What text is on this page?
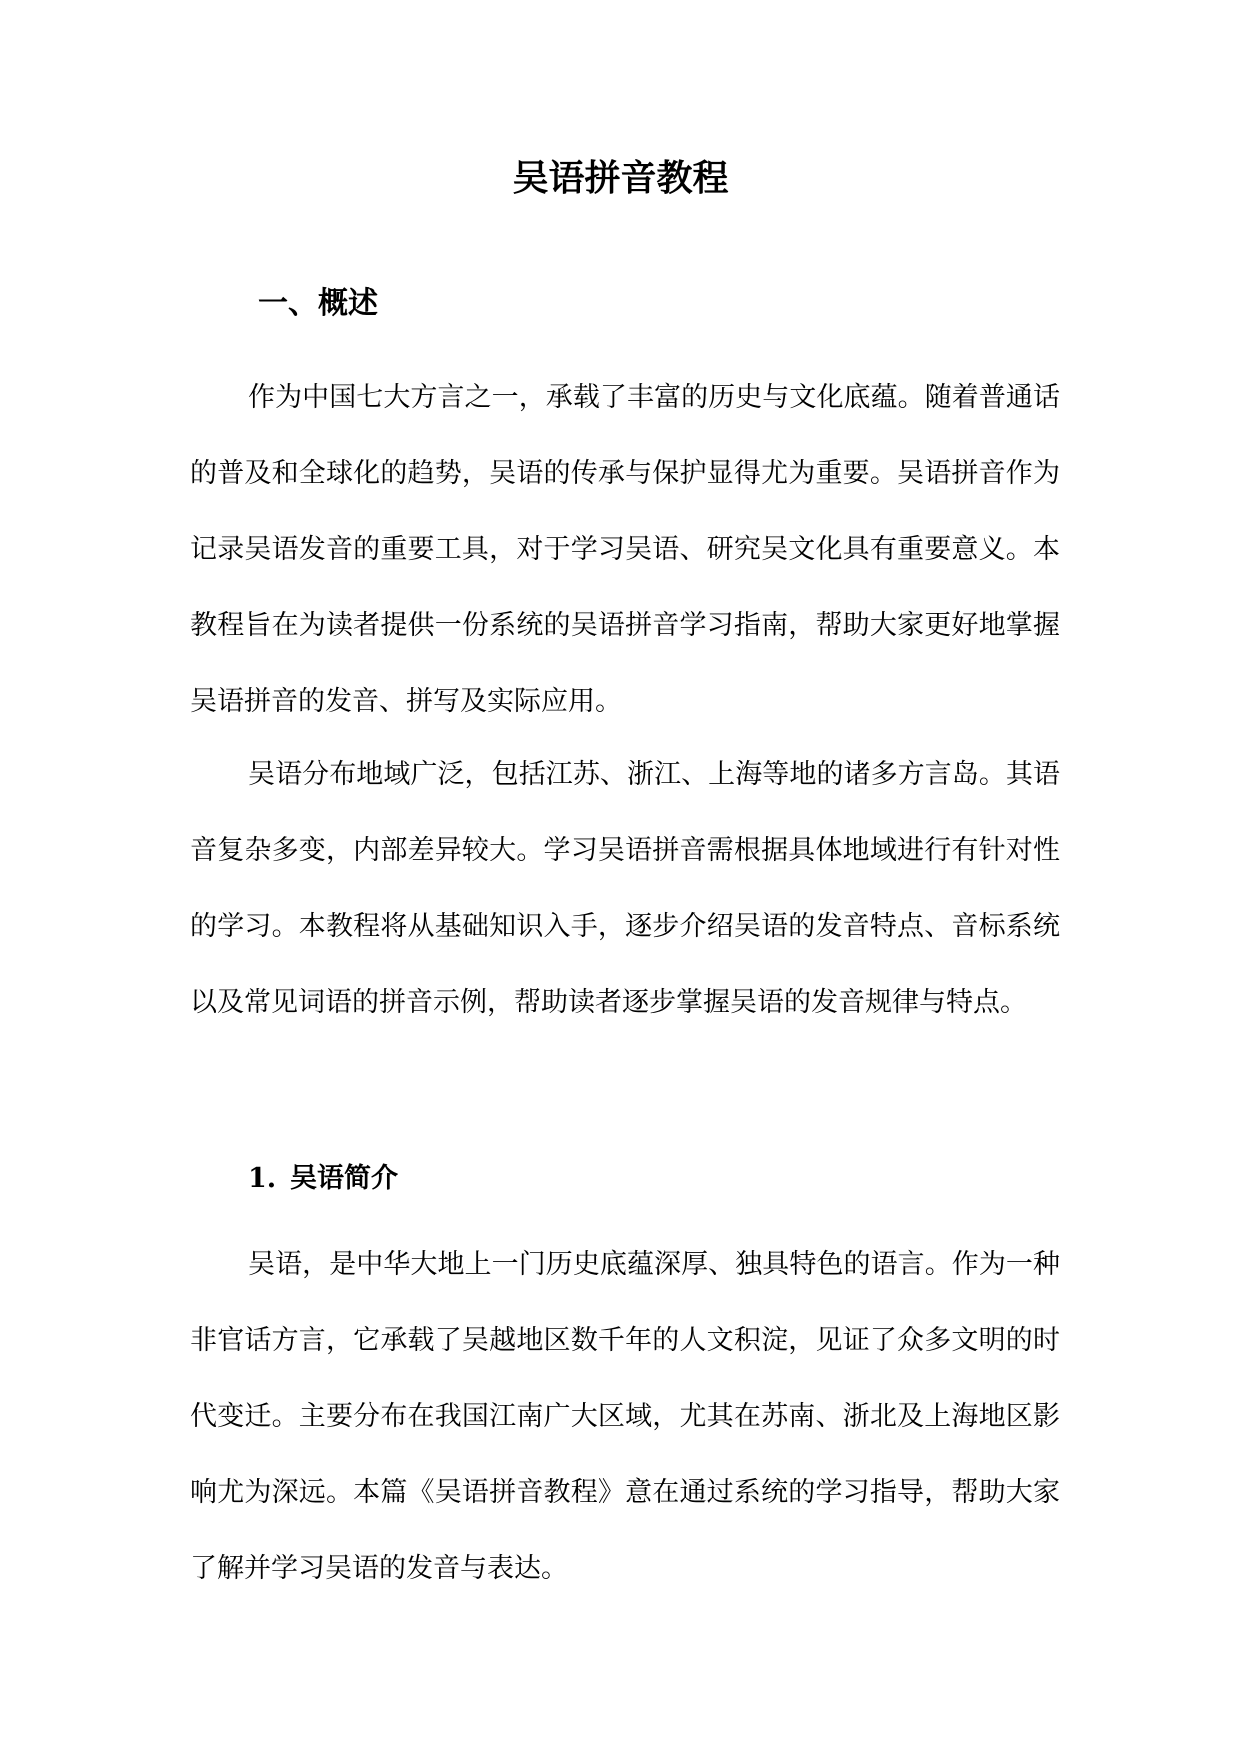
吴语拼音教程
一、概述

作为中国七大方言之一，承载了丰富的历史与文化底蕴。随着普通话的普及和全球化的趋势，吴语的传承与保护显得尤为重要。吴语拼音作为记录吴语发音的重要工具，对于学习吴语、研究吴文化具有重要意义。本教程旨在为读者提供一份系统的吴语拼音学习指南，帮助大家更好地掌握吴语拼音的发音、拼写及实际应用。

吴语分布地域广泛，包括江苏、浙江、上海等地的诸多方言岛。其语音复杂多变，内部差异较大。学习吴语拼音需根据具体地域进行有针对性的学习。本教程将从基础知识入手，逐步介绍吴语的发音特点、音标系统以及常见词语的拼音示例，帮助读者逐步掌握吴语的发音规律与特点。

1. 吴语简介

吴语，是中华大地上一门历史底蕴深厚、独具特色的语言。作为一种非官话方言，它承载了吴越地区数千年的人文积淀，见证了众多文明的时代变迁。主要分布在我国江南广大区域，尤其在苏南、浙北及上海地区影响尤为深远。本篇《吴语拼音教程》意在通过系统的学习指导，帮助大家了解并学习吴语的发音与表达。
